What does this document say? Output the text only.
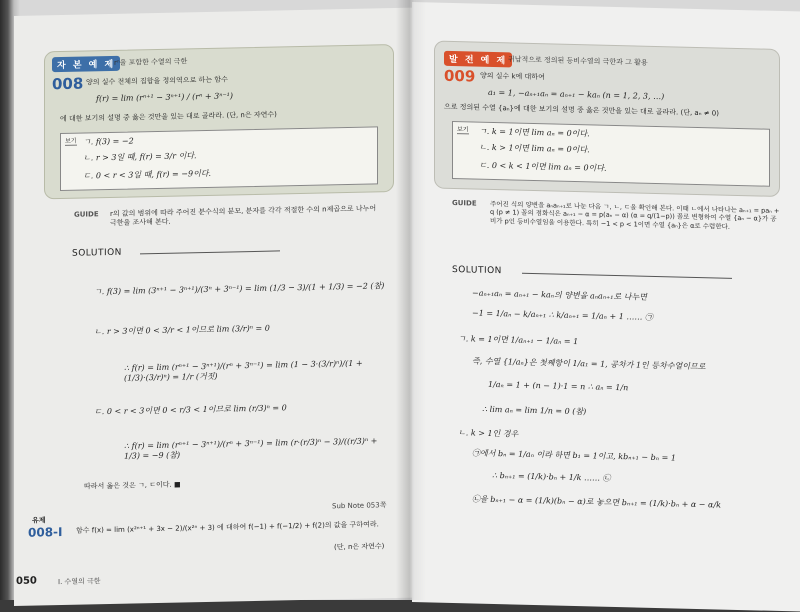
자 본 예 제
rⁿ을 포함한 수열의 극한
008 양의 실수 전체의 집합을 정의역으로 하는 함수
f(r) = lim (rⁿ⁺¹ − 3ⁿ⁺¹) / (rⁿ + 3ⁿ⁻¹)
에 대한 보기의 설명 중 옳은 것만을 있는 대로 골라라. (단, n은 자연수)
보기 ㄱ. f(3) = −2
ㄴ. r > 3일 때, f(r) = 3/r 이다.
ㄷ. 0 < r < 3일 때, f(r) = −9이다.
GUIDE r의 값의 범위에 따라 주어진 분수식의 분모, 분자를 각각 적절한 수의 n제곱으로 나누어 극한을 조사해 본다.
SOLUTION
ㄱ. f(3) = lim (3ⁿ⁺¹ − 3ⁿ⁺¹)/(3ⁿ + 3ⁿ⁻¹) = lim (1/3 − 3)/(1 + 1/3) = −2 (참)
ㄴ. r > 3이면 0 < 3/r < 1이므로 lim (3/r)ⁿ = 0
∴ f(r) = lim (rⁿ⁺¹ − 3ⁿ⁺¹)/(rⁿ + 3ⁿ⁻¹) = lim (1 − 3·(3/r)ⁿ)/(1 + (1/3)·(3/r)ⁿ) = 1/r (거짓)
ㄷ. 0 < r < 3이면 0 < r/3 < 1이므로 lim (r/3)ⁿ = 0
∴ f(r) = lim (rⁿ⁺¹ − 3ⁿ⁺¹)/(rⁿ + 3ⁿ⁻¹) = lim (r·(r/3)ⁿ − 3)/((r/3)ⁿ + 1/3) = −9 (참)
따라서 옳은 것은 ㄱ, ㄷ이다. ■
Sub Note 053쪽
유제
008-Ⅰ 함수 f(x) = lim (x²ⁿ⁺¹ + 3x − 2)/(x²ⁿ + 3) 에 대하여 f(−1) + f(−1/2) + f(2)의 값을 구하여라.
(단, n은 자연수)
050	I. 수열의 극한
발 전 예 제 귀납적으로 정의된 등비수열의 극한과 그 활용
009 양의 실수 k에 대하여
a₁ = 1, −aₙ₊₁aₙ = aₙ₊₁ − kaₙ (n = 1, 2, 3, …)
으로 정의된 수열 {aₙ}에 대한 보기의 설명 중 옳은 것만을 있는 대로 골라라. (단, aₙ ≠ 0)
보기 ㄱ. k = 1이면 lim aₙ = 0이다.
ㄴ. k > 1이면 lim aₙ = 0이다.
ㄷ. 0 < k < 1이면 lim aₙ = 0이다.
GUIDE 주어진 식의 양변을 aₙaₙ₊₁로 나눈 다음 ㄱ, ㄴ, ㄷ을 확인해 본다. 이때 ㄴ에서 나타나는 aₙ₊₁ = paₙ + q (p ≠ 1) 꼴의 점화식은 aₙ₊₁ − α = p(aₙ − α) (α = q/(1−p)) 꼴로 변형하여 수열 {aₙ − α}가 공비가 p인 등비수열임을 이용한다. 특히 −1 < p < 1이면 수열 {aₙ}은 α로 수렴한다.
SOLUTION
−aₙ₊₁aₙ = aₙ₊₁ − kaₙ의 양변을 aₙaₙ₊₁로 나누면
−1 = 1/aₙ − k/aₙ₊₁ ∴ k/aₙ₊₁ = 1/aₙ + 1 …… ㉠
ㄱ. k = 1이면 1/aₙ₊₁ − 1/aₙ = 1
즉, 수열 {1/aₙ}은 첫째항이 1/a₁ = 1, 공차가 1인 등차수열이므로
1/aₙ = 1 + (n − 1)·1 = n ∴ aₙ = 1/n
∴ lim aₙ = lim 1/n = 0 (참)
ㄴ. k > 1인 경우
㉠에서 bₙ = 1/aₙ 이라 하면 b₁ = 1이고, kbₙ₊₁ − bₙ = 1
∴ bₙ₊₁ = (1/k)·bₙ + 1/k …… ㉡
㉡을 bₙ₊₁ − α = (1/k)(bₙ − α)로 놓으면 bₙ₊₁ = (1/k)·bₙ + α − α/k
